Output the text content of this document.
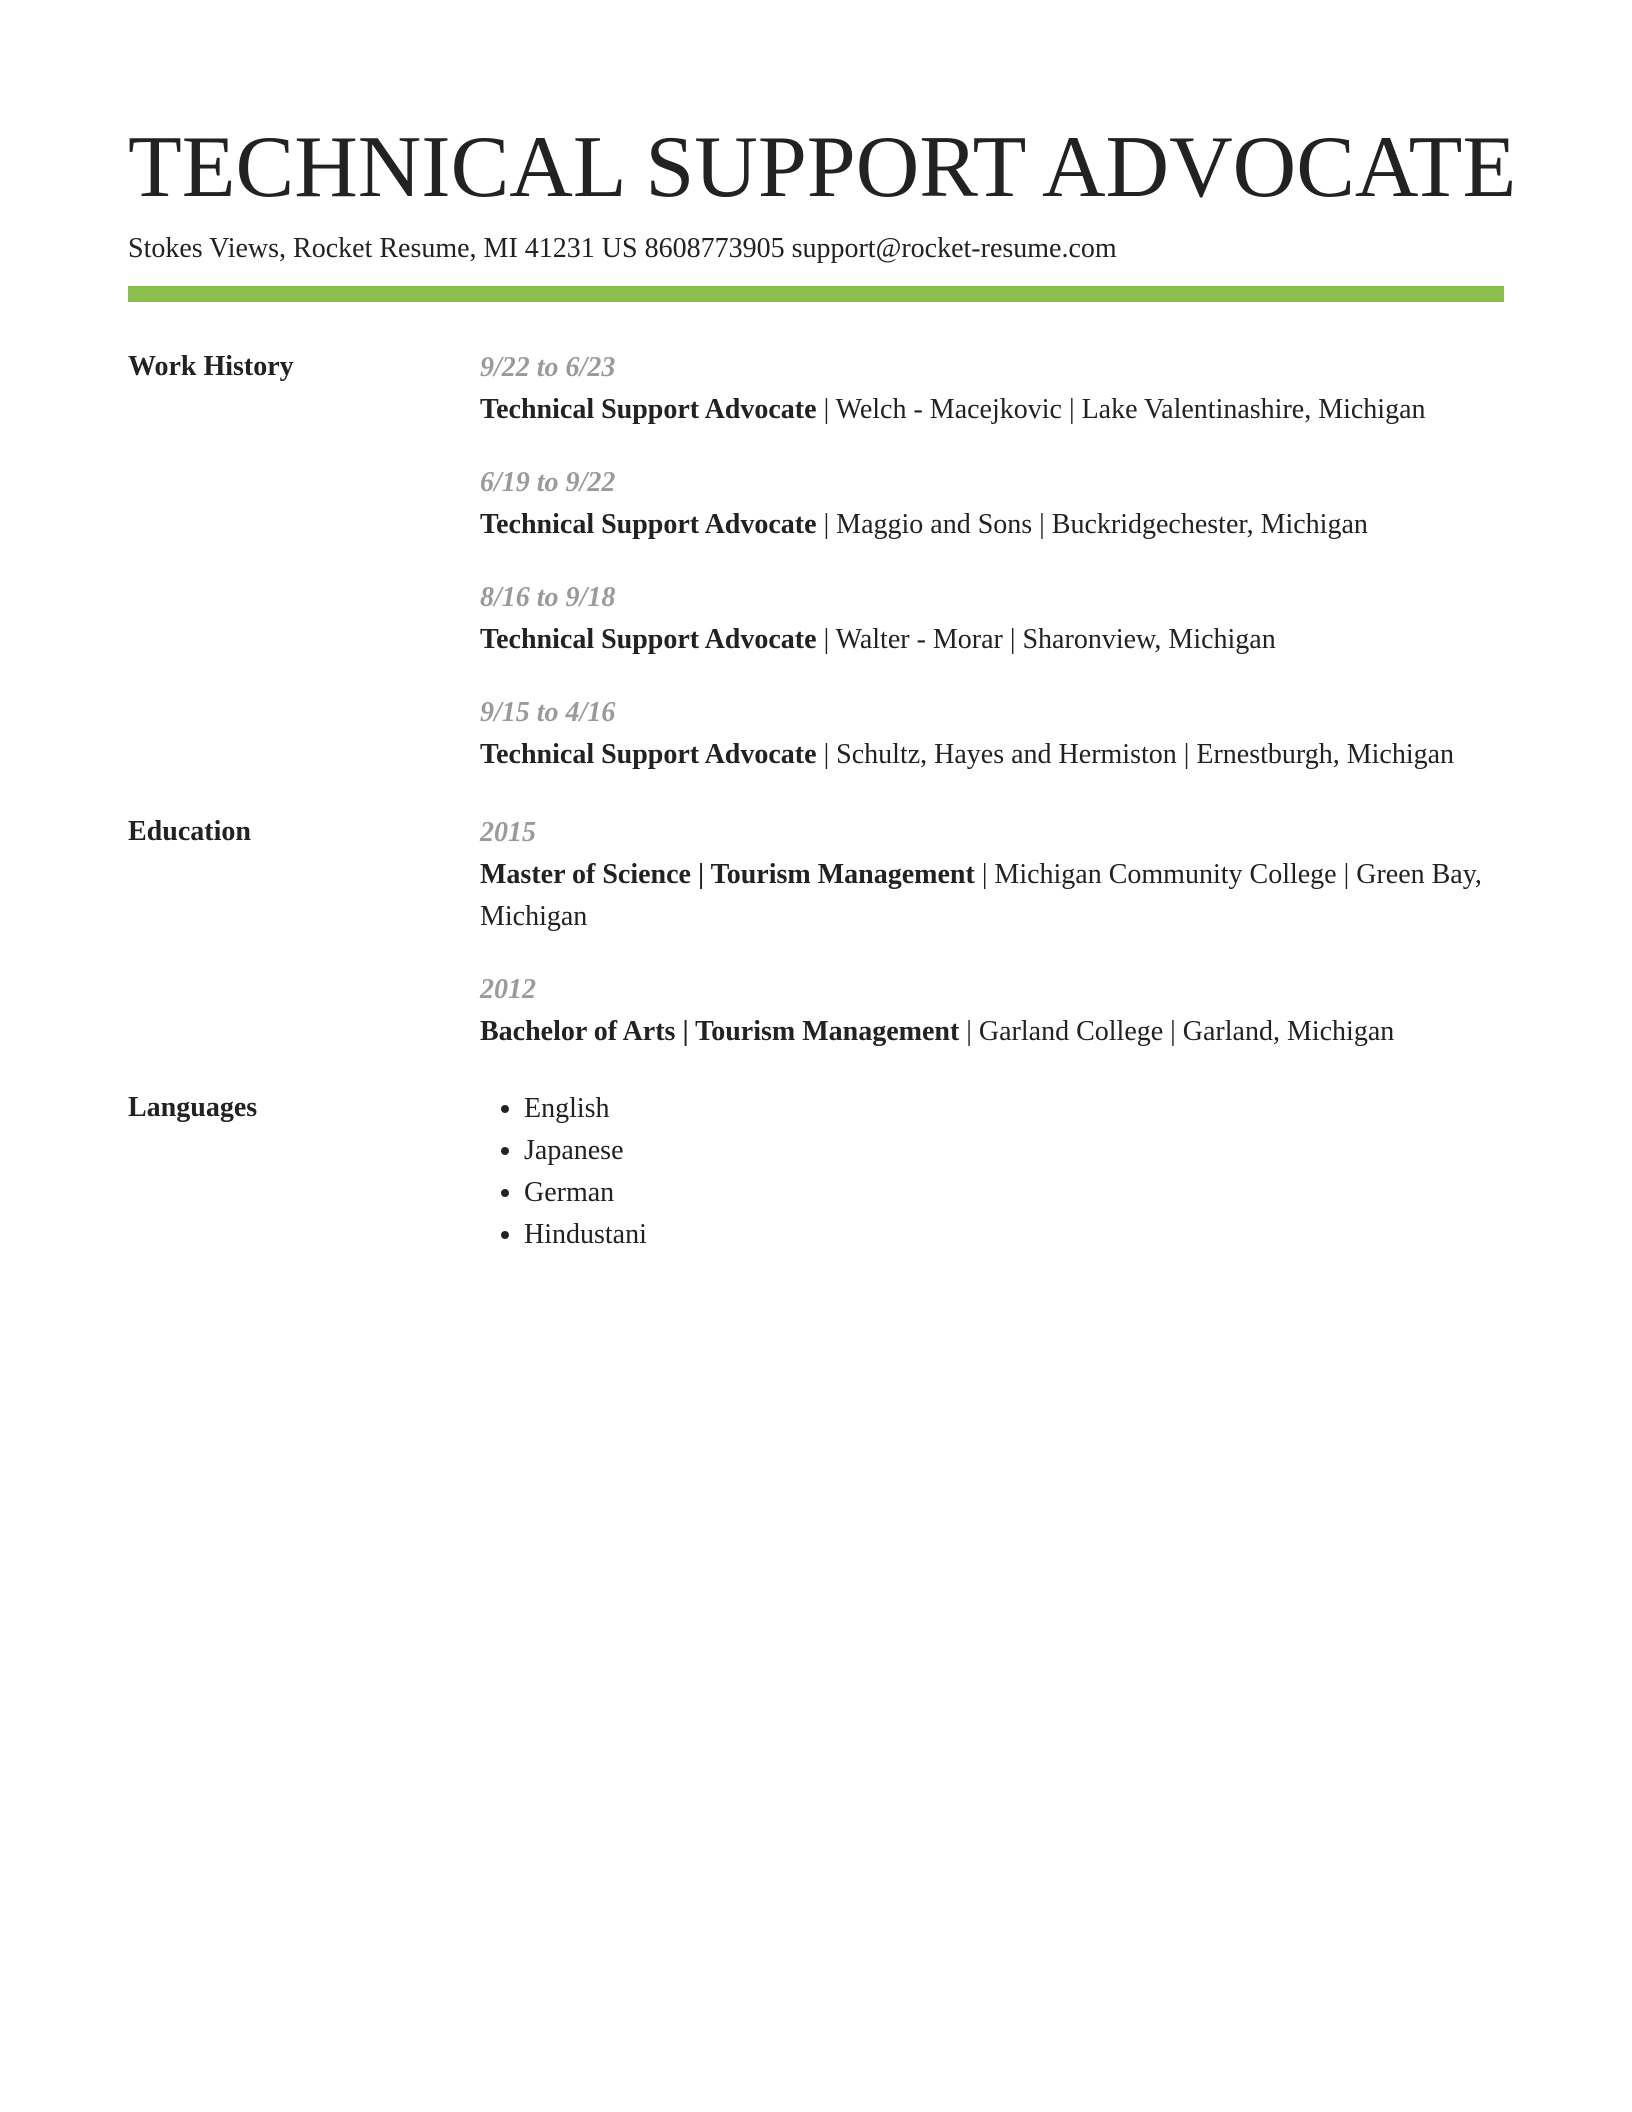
TECHNICAL SUPPORT ADVOCATE
Stokes Views, Rocket Resume, MI 41231 US 8608773905 support@rocket-resume.com
Work History	9/22 to 6/23
Technical Support Advocate | Welch - Macejkovic | Lake Valentinashire, Michigan
6/19 to 9/22
Technical Support Advocate | Maggio and Sons | Buckridgechester, Michigan
8/16 to 9/18
Technical Support Advocate | Walter - Morar | Sharonview, Michigan
9/15 to 4/16
Technical Support Advocate | Schultz, Hayes and Hermiston | Ernestburgh, Michigan
Education	2015
Master of Science | Tourism Management | Michigan Community College | Green Bay, Michigan
2012
Bachelor of Arts | Tourism Management | Garland College | Garland, Michigan
Languages
•	English
• Japanese
• German
• Hindustani
